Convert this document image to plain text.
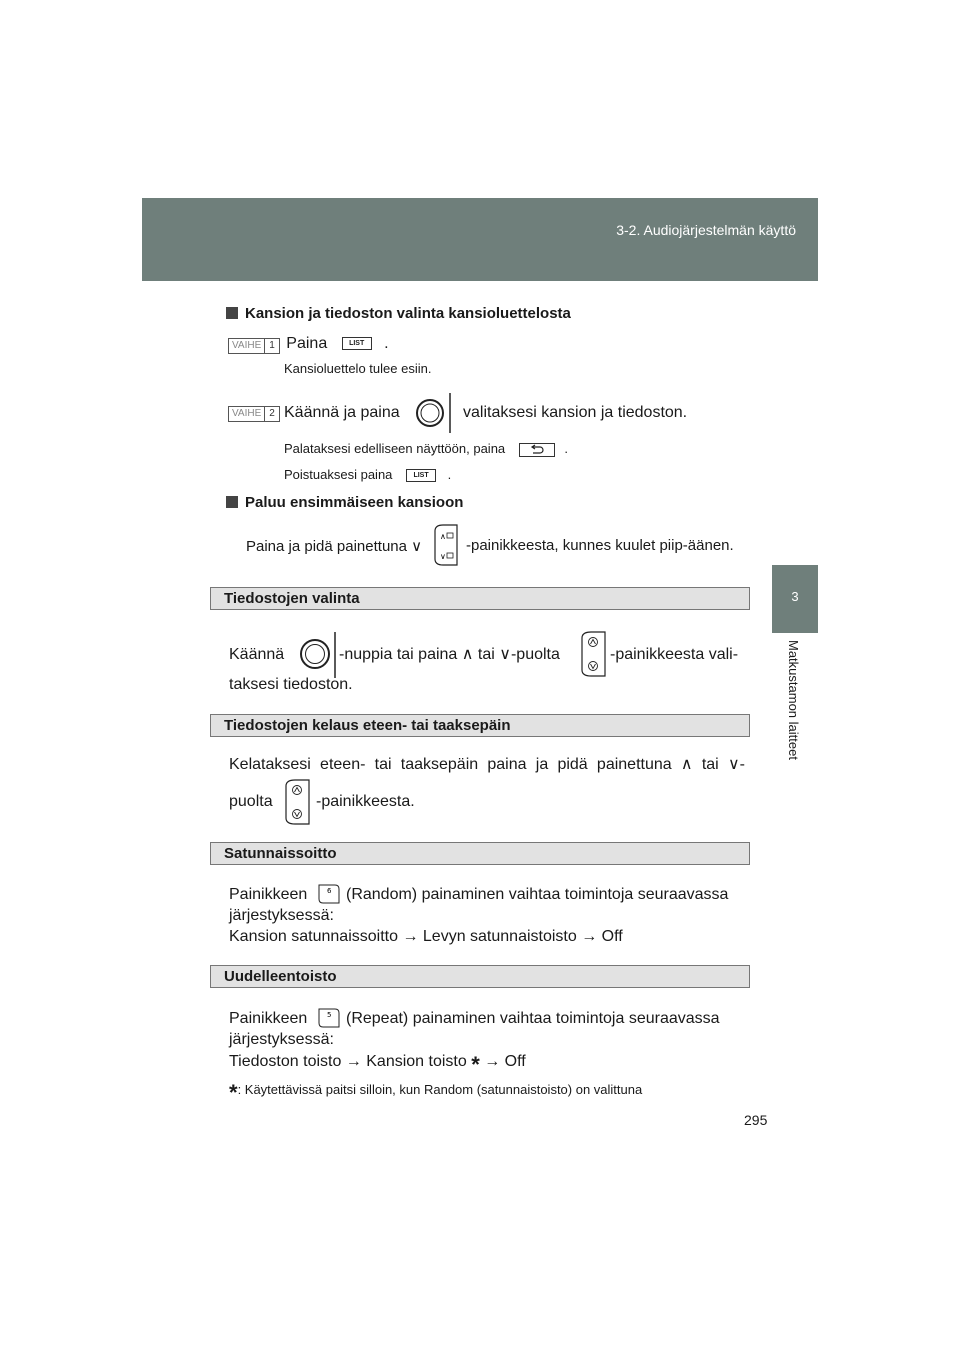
3-2. Audiojärjestelmän käyttö
3
Matkustamon laitteet
Kansion ja tiedoston valinta kansioluettelosta
VAIHE 1 Paina	LIST .
Kansioluettelo tulee esiin.
VAIHE 2 Käännä ja paina	valitaksesi kansion ja tiedoston.
Palataksesi edelliseen näyttöön, paina	.
Poistuaksesi paina	LIST .
Paluu ensimmäiseen kansioon
Paina ja pidä painettuna ∨
∧
∨
-painikkeesta, kunnes kuulet piip-äänen.
Tiedostojen valinta
Käännä	-nuppia tai paina ∧ tai ∨-puolta	-painikkeesta vali-
taksesi tiedoston.
Tiedostojen kelaus eteen- tai taaksepäin
Kelataksesi eteen- tai taaksepäin paina ja pidä painettuna ∧ tai ∨-
puolta	-painikkeesta.
Satunnaissoitto
Painikkeen	6 (Random) painaminen vaihtaa toimintoja seuraavassa
järjestyksessä:
Kansion satunnaissoitto → Levyn satunnaistoisto → Off
Uudelleentoisto
Painikkeen	5 (Repeat) painaminen vaihtaa toimintoja seuraavassa
järjestyksessä:
Tiedoston toisto → Kansion toisto * → Off
*: Käytettävissä paitsi silloin, kun Random (satunnaistoisto) on valittuna
295
